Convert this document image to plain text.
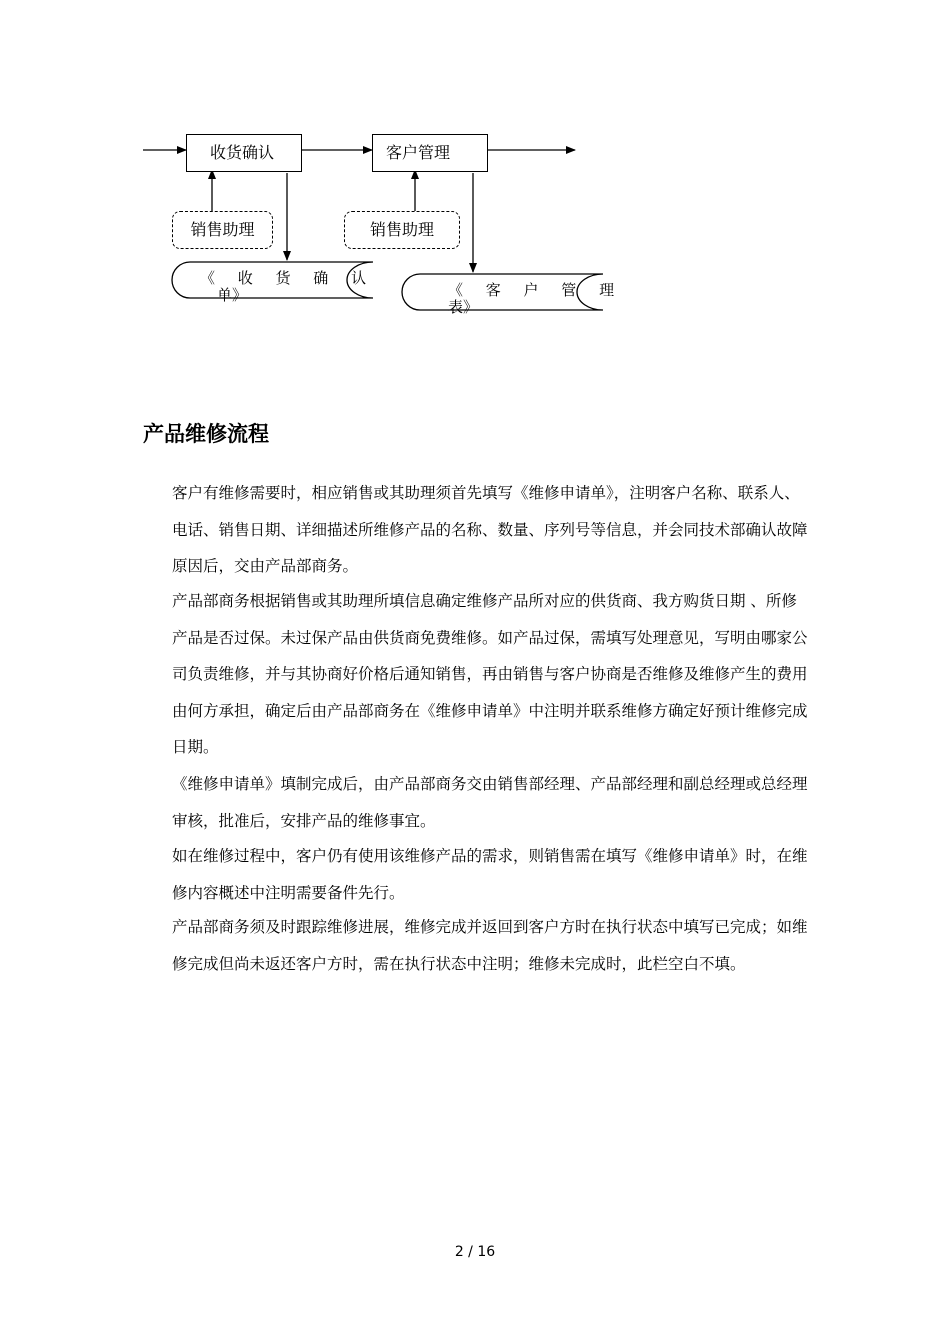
收货确认	客户管理
销售助理	销售助理
《 收 货 确 认
单》	《 客 户 管 理
表》
产品维修流程

客户有维修需要时，相应销售或其助理须首先填写《维修申请单》，注明客户名称、联系人、电话、销售日期、详细描述所维修产品的名称、数量、序列号等信息，并会同技术部确认故障原因后，交由产品部商务。

产品部商务根据销售或其助理所填信息确定维修产品所对应的供货商、我方购货日期 、所修产品是否过保。未过保产品由供货商免费维修。如产品过保，需填写处理意见，写明由哪家公司负责维修，并与其协商好价格后通知销售，再由销售与客户协商是否维修及维修产生的费用由何方承担，确定后由产品部商务在《维修申请单》中注明并联系维修方确定好预计维修完成日期。

《维修申请单》填制完成后，由产品部商务交由销售部经理、产品部经理和副总经理或总经理审核，批准后，安排产品的维修事宜。

如在维修过程中，客户仍有使用该维修产品的需求，则销售需在填写《维修申请单》时，在维修内容概述中注明需要备件先行。

产品部商务须及时跟踪维修进展，维修完成并返回到客户方时在执行状态中填写已完成；如维修完成但尚未返还客户方时，需在执行状态中注明；维修未完成时，此栏空白不填。

2 / 16
